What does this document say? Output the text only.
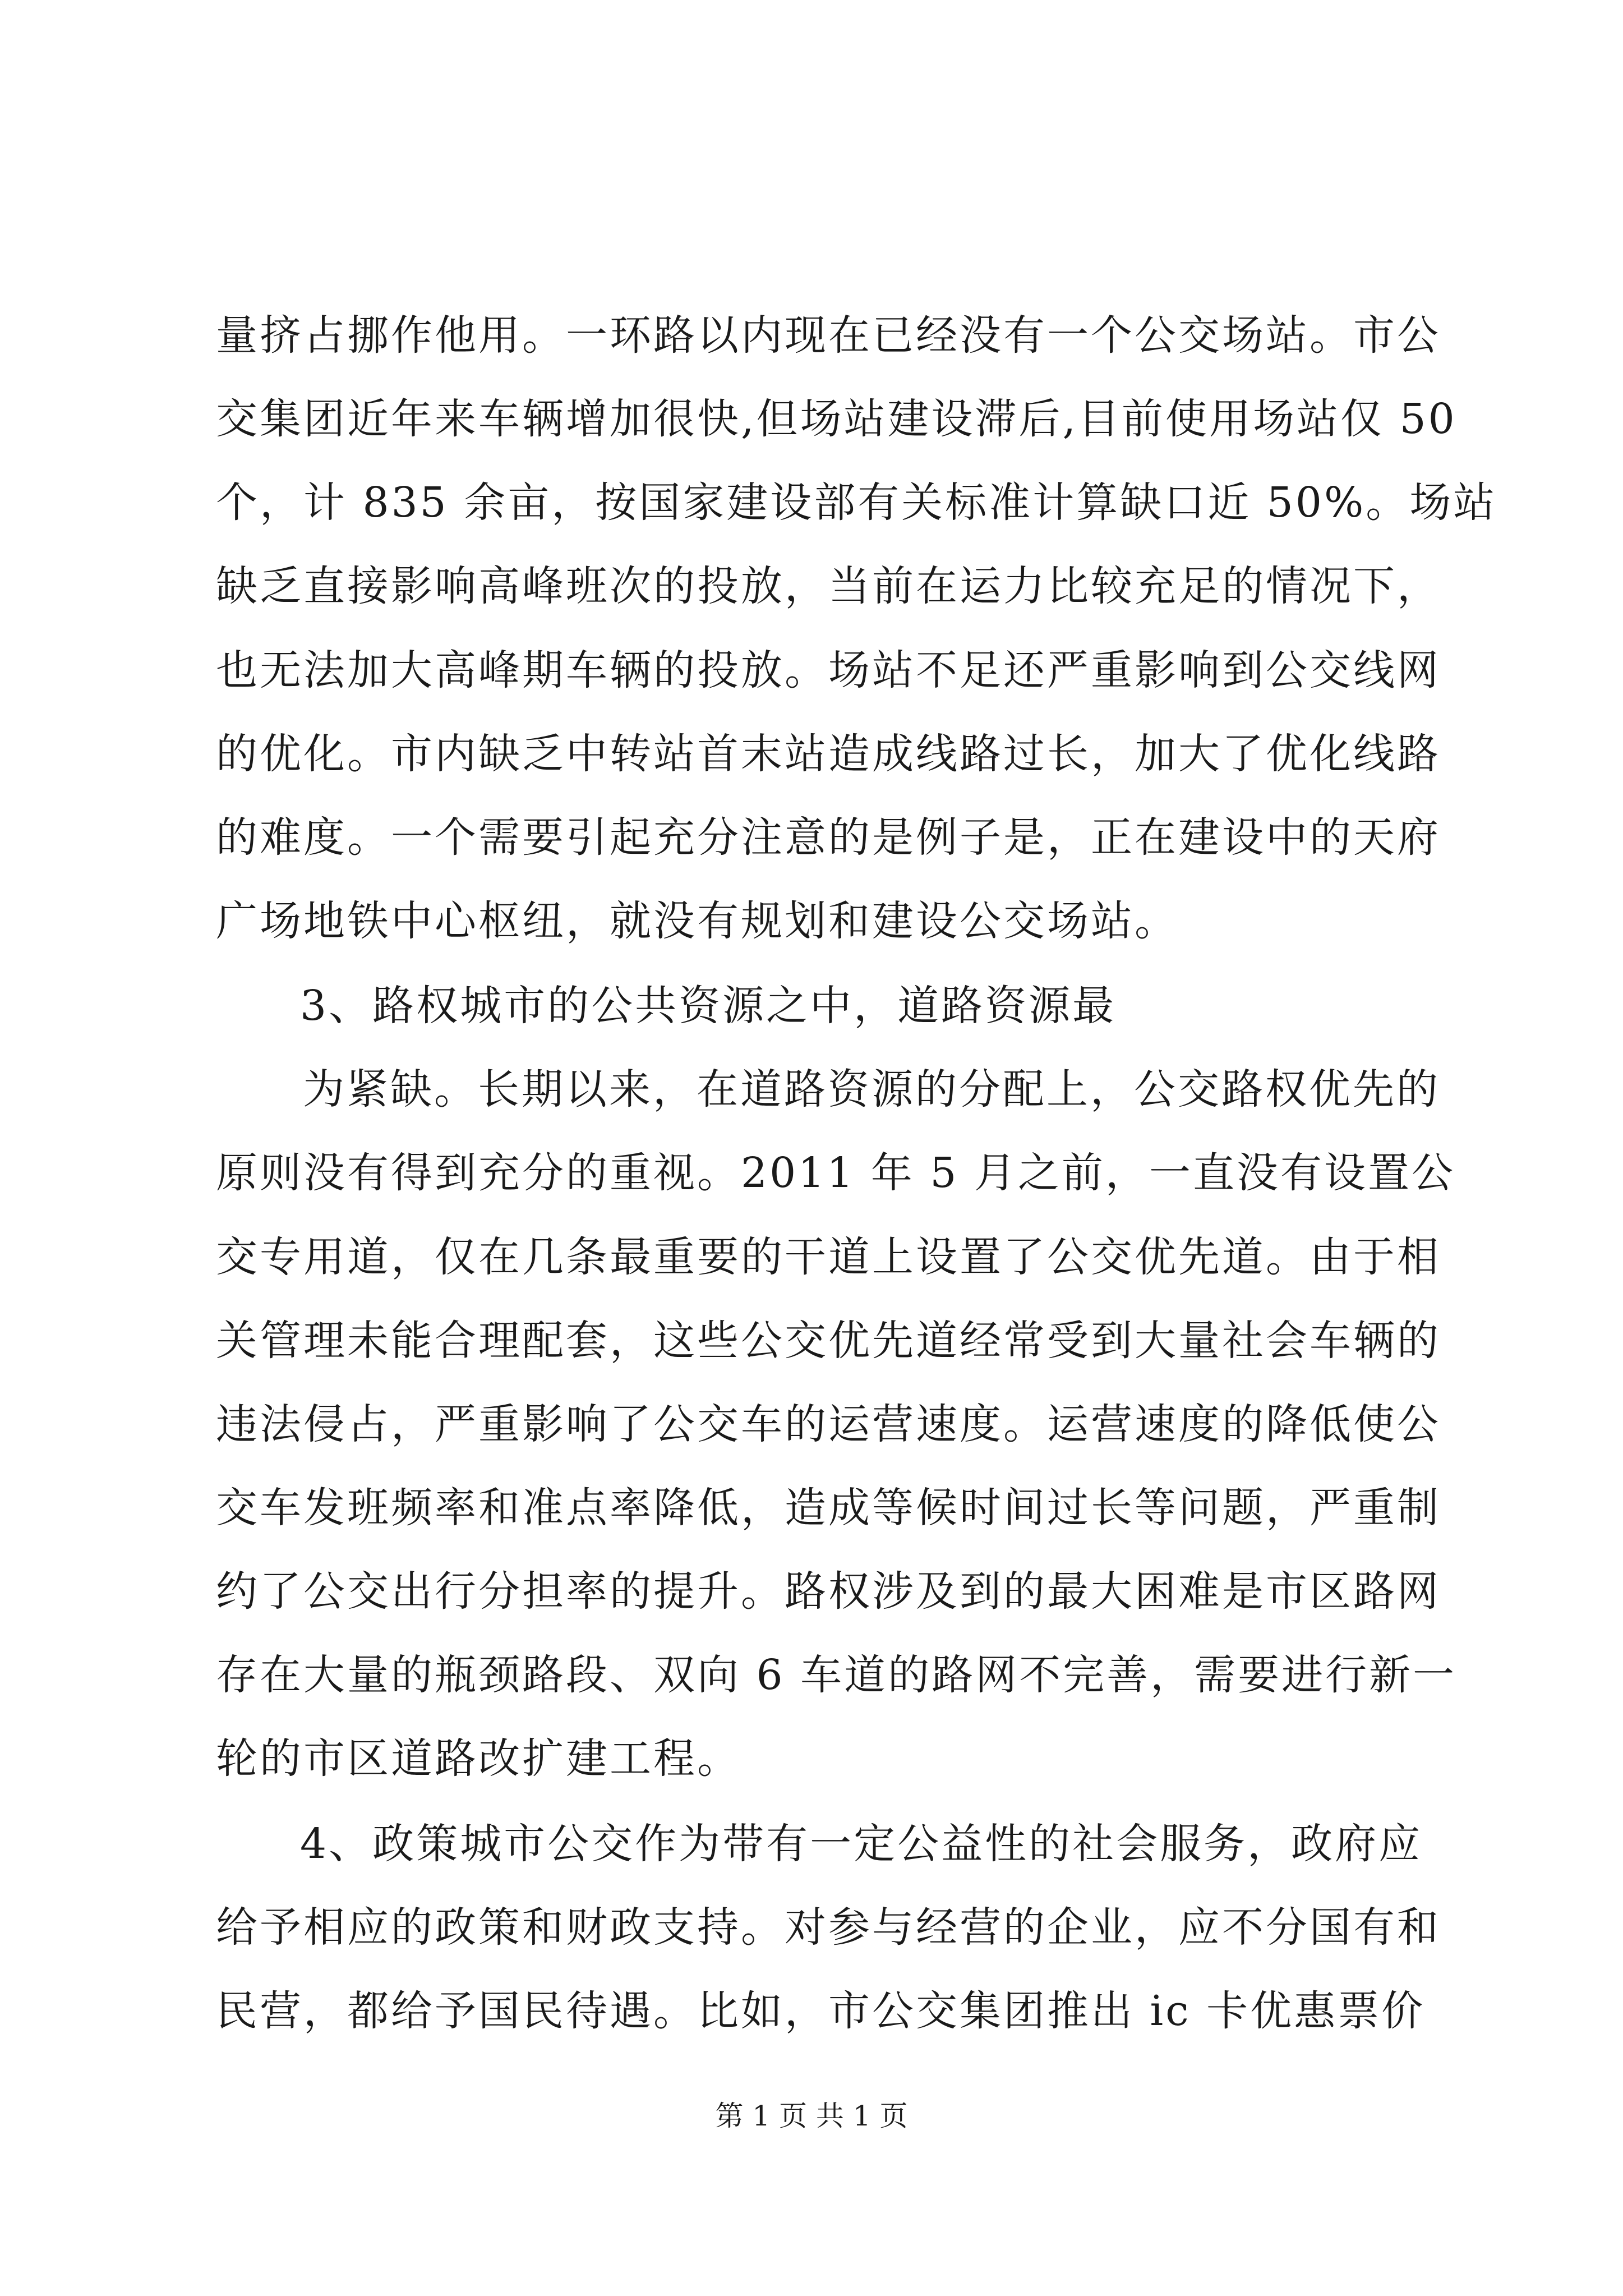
量挤占挪作他用。一环路以内现在已经没有一个公交场站。市公
交集团近年来车辆增加很快,但场站建设滞后,目前使用场站仅 50
个，计 835 余亩，按国家建设部有关标准计算缺口近 50%。场站
缺乏直接影响高峰班次的投放，当前在运力比较充足的情况下，
也无法加大高峰期车辆的投放。场站不足还严重影响到公交线网
的优化。市内缺乏中转站首末站造成线路过长，加大了优化线路
的难度。一个需要引起充分注意的是例子是，正在建设中的天府
广场地铁中心枢纽，就没有规划和建设公交场站。
3、路权城市的公共资源之中，道路资源最
为紧缺。长期以来，在道路资源的分配上，公交路权优先的
原则没有得到充分的重视。2011 年 5 月之前，一直没有设置公
交专用道，仅在几条最重要的干道上设置了公交优先道。由于相
关管理未能合理配套，这些公交优先道经常受到大量社会车辆的
违法侵占，严重影响了公交车的运营速度。运营速度的降低使公
交车发班频率和准点率降低，造成等候时间过长等问题，严重制
约了公交出行分担率的提升。路权涉及到的最大困难是市区路网
存在大量的瓶颈路段、双向 6 车道的路网不完善，需要进行新一
轮的市区道路改扩建工程。
4、政策城市公交作为带有一定公益性的社会服务，政府应
给予相应的政策和财政支持。对参与经营的企业，应不分国有和
民营，都给予国民待遇。比如，市公交集团推出 ic 卡优惠票价
第 1 页 共 1 页
